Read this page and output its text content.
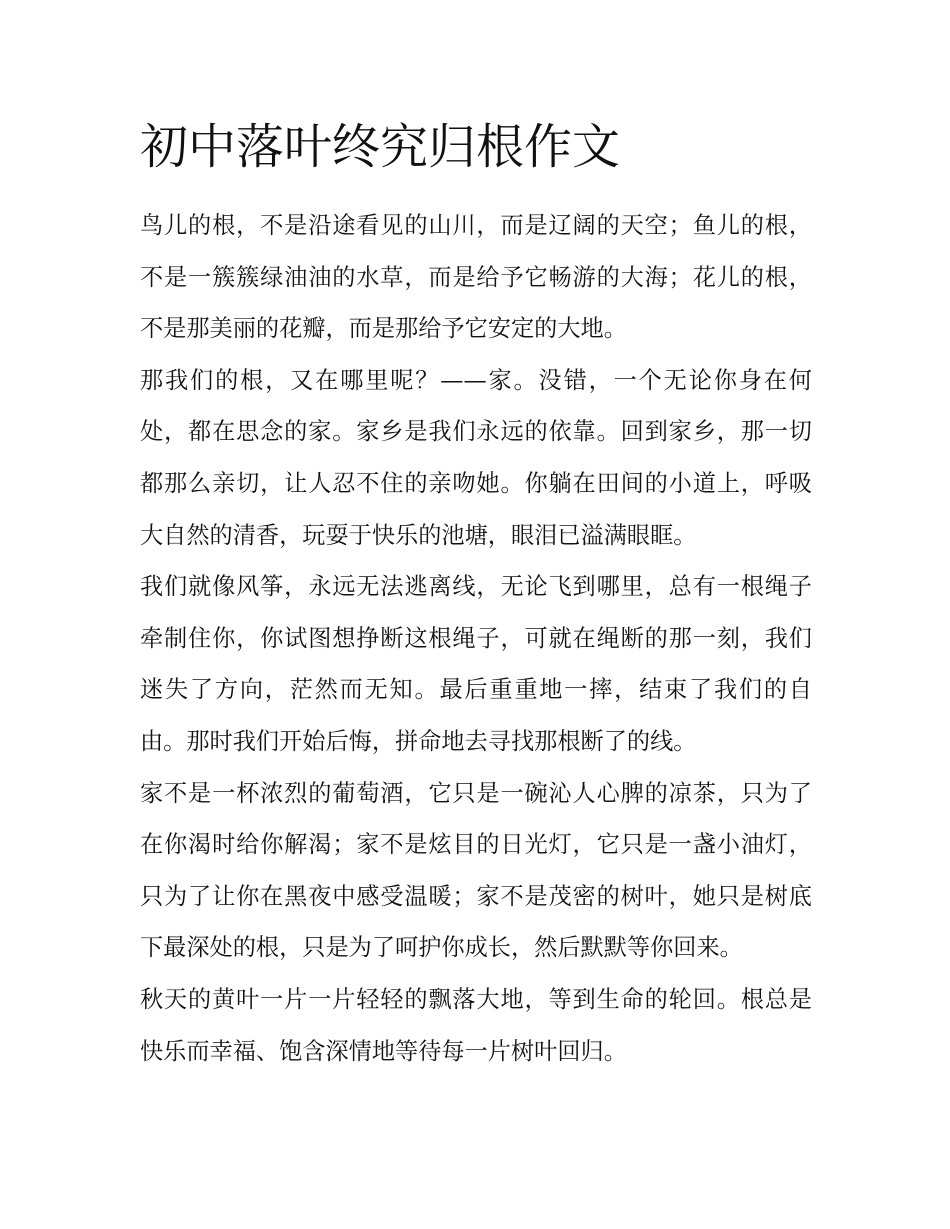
初中落叶终究归根作文

鸟儿的根，不是沿途看见的山川，而是辽阔的天空；鱼儿的根，不是一簇簇绿油油的水草，而是给予它畅游的大海；花儿的根，不是那美丽的花瓣，而是那给予它安定的大地。

那我们的根，又在哪里呢？——家。没错，一个无论你身在何处，都在思念的家。家乡是我们永远的依靠。回到家乡，那一切都那么亲切，让人忍不住的亲吻她。你躺在田间的小道上，呼吸大自然的清香，玩耍于快乐的池塘，眼泪已溢满眼眶。

我们就像风筝，永远无法逃离线，无论飞到哪里，总有一根绳子牵制住你，你试图想挣断这根绳子，可就在绳断的那一刻，我们迷失了方向，茫然而无知。最后重重地一摔，结束了我们的自由。那时我们开始后悔，拼命地去寻找那根断了的线。

家不是一杯浓烈的葡萄酒，它只是一碗沁人心脾的凉茶，只为了在你渴时给你解渴；家不是炫目的日光灯，它只是一盏小油灯，只为了让你在黑夜中感受温暖；家不是茂密的树叶，她只是树底下最深处的根，只是为了呵护你成长，然后默默等你回来。

秋天的黄叶一片一片轻轻的飘落大地，等到生命的轮回。根总是快乐而幸福、饱含深情地等待每一片树叶回归。
